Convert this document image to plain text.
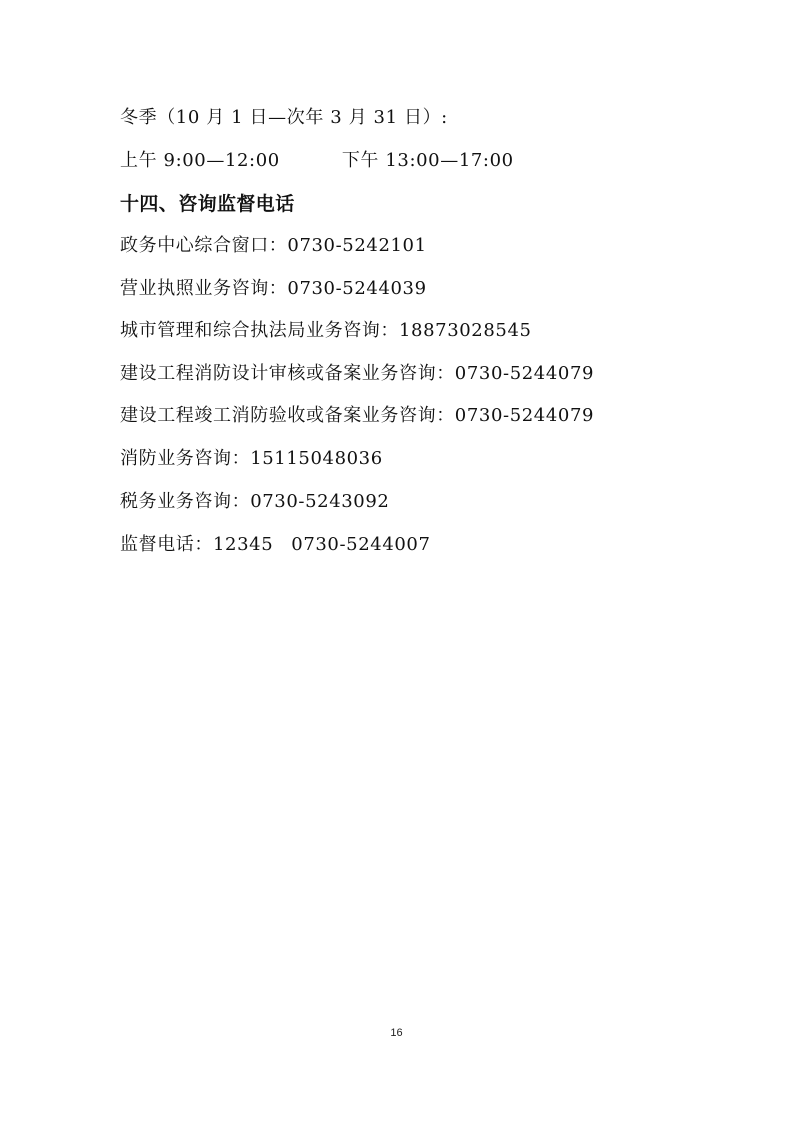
冬季（10 月 1 日—次年 3 月 31 日）:
上午 9:00—12:00	下午 13:00—17:00
十四、咨询监督电话
政务中心综合窗口：0730-5242101
营业执照业务咨询：0730-5244039
城市管理和综合执法局业务咨询：18873028545
建设工程消防设计审核或备案业务咨询：0730-5244079
建设工程竣工消防验收或备案业务咨询：0730-5244079
消防业务咨询：15115048036
税务业务咨询：0730-5243092
监督电话：12345 0730-5244007
16
